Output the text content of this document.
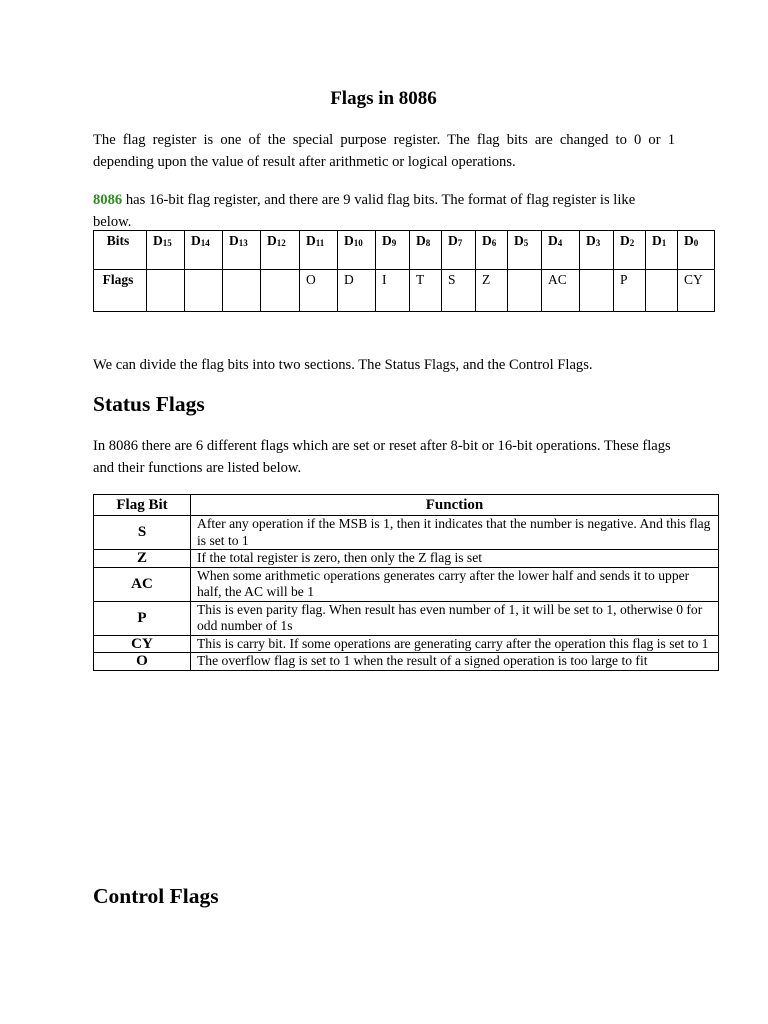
Flags in 8086

The flag register is one of the special purpose register. The flag bits are changed to 0 or 1 depending upon the value of result after arithmetic or logical operations.

8086 has 16-bit flag register, and there are 9 valid flag bits. The format of flag register is like below.

Bits	$D_{15}$	$D_{14}$	$D_{13}$	$D_{12}$	$D_{11}$	$D_{10}$	$D_9$	$D_8$	$D_7$	$D_6$	$D_5$	$D_4$	$D_3$	$D_2$	$D_1$	$D_0$
Flags					O	D	I	T	S	Z		AC		P		CY

We can divide the flag bits into two sections. The Status Flags, and the Control Flags.

Status Flags

In 8086 there are 6 different flags which are set or reset after 8-bit or 16-bit operations. These flags and their functions are listed below.

Flag Bit	Function
S	After any operation if the MSB is 1, then it indicates that the number is negative. And this flag is set to 1
Z	If the total register is zero, then only the Z flag is set
AC	When some arithmetic operations generates carry after the lower half and sends it to upper half, the AC will be 1
P	This is even parity flag. When result has even number of 1, it will be set to 1, otherwise 0 for odd number of 1s
CY	This is carry bit. If some operations are generating carry after the operation this flag is set to 1
O	The overflow flag is set to 1 when the result of a signed operation is too large to fit
Control Flags
